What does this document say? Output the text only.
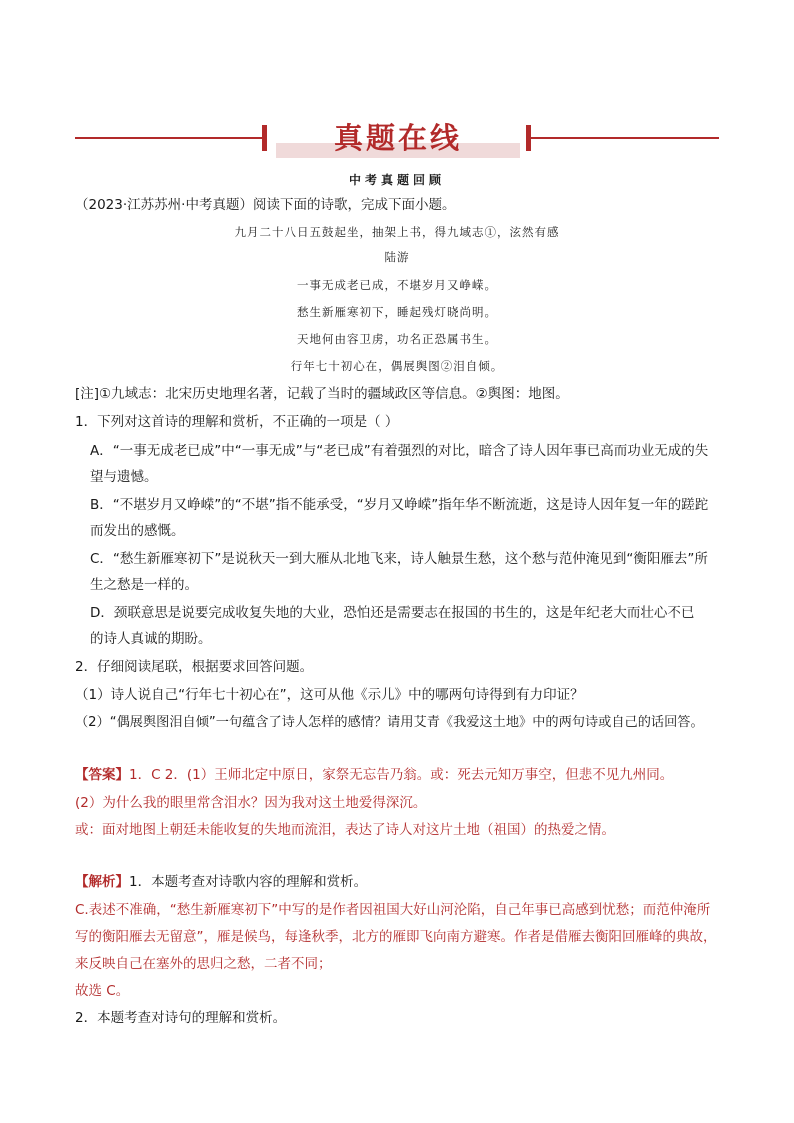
真题在线
中考真题回顾
（2023·江苏苏州·中考真题）阅读下面的诗歌，完成下面小题。
九月二十八日五鼓起坐，抽架上书，得九域志①，泫然有感
陆游
一事无成老已成，不堪岁月又峥嵘。
愁生新雁寒初下，睡起残灯晓尚明。
天地何由容卫虏，功名正恐属书生。
行年七十初心在，偶展舆图②泪自倾。
[注]①九域志：北宋历史地理名著，记载了当时的疆域政区等信息。②舆图：地图。
1．下列对这首诗的理解和赏析，不正确的一项是（ ）
A．“一事无成老已成”中“一事无成”与“老已成”有着强烈的对比，暗含了诗人因年事已高而功业无成的失
望与遗憾。
B．“不堪岁月又峥嵘”的“不堪”指不能承受，“岁月又峥嵘”指年华不断流逝，这是诗人因年复一年的蹉跎
而发出的感慨。
C．“愁生新雁寒初下”是说秋天一到大雁从北地飞来，诗人触景生愁，这个愁与范仲淹见到“衡阳雁去”所
生之愁是一样的。
D．颈联意思是说要完成收复失地的大业，恐怕还是需要志在报国的书生的，这是年纪老大而壮心不已
的诗人真诚的期盼。
2．仔细阅读尾联，根据要求回答问题。
（1）诗人说自己“行年七十初心在”，这可从他《示儿》中的哪两句诗得到有力印证？
（2）“偶展舆图泪自倾”一句蕴含了诗人怎样的感情？请用艾青《我爱这土地》中的两句诗或自己的话回答。
【答案】1．C 2．(1）王师北定中原日，家祭无忘告乃翁。或：死去元知万事空，但悲不见九州同。
(2）为什么我的眼里常含泪水？因为我对这土地爱得深沉。
或：面对地图上朝廷未能收复的失地而流泪，表达了诗人对这片土地（祖国）的热爱之情。
【解析】1．本题考查对诗歌内容的理解和赏析。
C.表述不准确，“愁生新雁寒初下”中写的是作者因祖国大好山河沦陷，自己年事已高感到忧愁；而范仲淹所
写的衡阳雁去无留意”，雁是候鸟，每逢秋季，北方的雁即飞向南方避寒。作者是借雁去衡阳回雁峰的典故，
来反映自己在塞外的思归之愁，二者不同；
故选 C。
2．本题考查对诗句的理解和赏析。
